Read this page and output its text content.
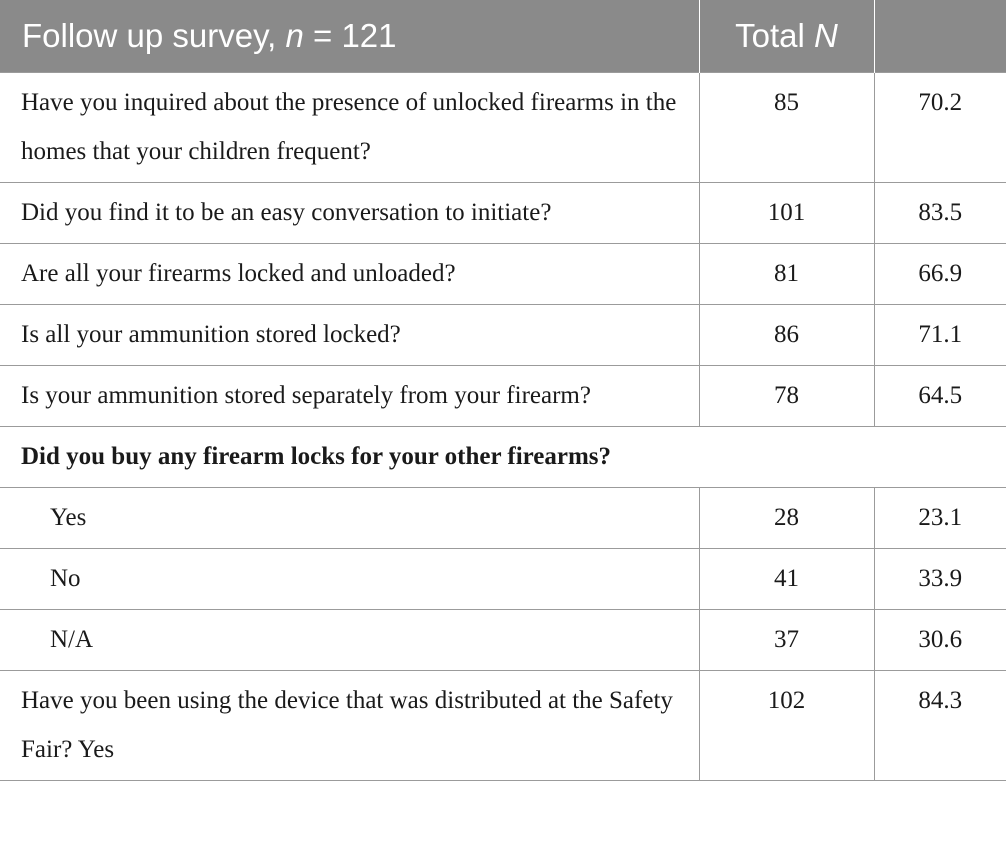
Follow up survey, n = 121	Total N	
Have you inquired about the presence of unlocked firearms in the homes that your children frequent?	85	70.2
Did you find it to be an easy conversation to initiate?	101	83.5
Are all your firearms locked and unloaded?	81	66.9
Is all your ammunition stored locked?	86	71.1
Is your ammunition stored separately from your firearm?	78	64.5
Did you buy any firearm locks for your other firearms?		
Yes	28	23.1
No	41	33.9
N/A	37	30.6
Have you been using the device that was distributed at the Safety Fair? Yes	102	84.3
